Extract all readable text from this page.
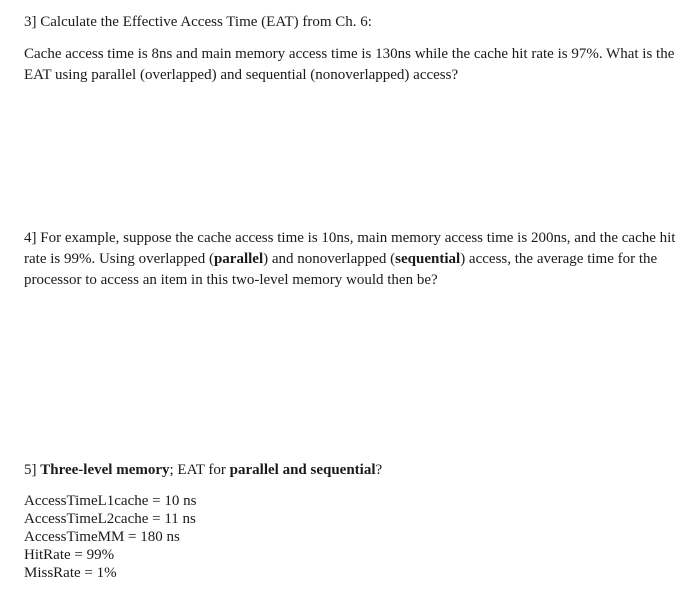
3] Calculate the Effective Access Time (EAT) from Ch. 6:

Cache access time is 8ns and main memory access time is 130ns while the cache hit rate is 97%. What is the EAT using parallel (overlapped) and sequential (nonoverlapped) access?

4] For example, suppose the cache access time is 10ns, main memory access time is 200ns, and the cache hit rate is 99%. Using overlapped (parallel) and nonoverlapped (sequential) access, the average time for the processor to access an item in this two-level memory would then be?

5] Three-level memory; EAT for parallel and sequential?

AccessTimeL1cache = 10 ns
AccessTimeL2cache = 11 ns
AccessTimeMM = 180 ns
HitRate = 99%
MissRate = 1%
